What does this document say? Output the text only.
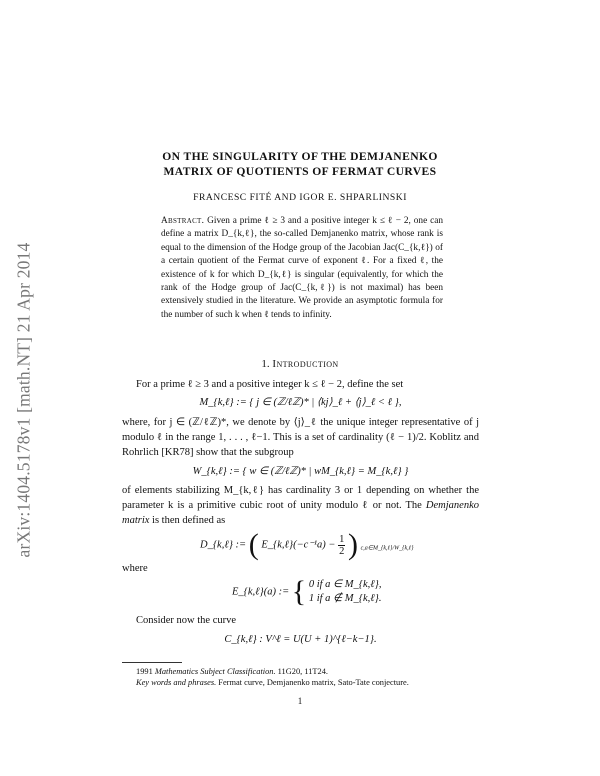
arXiv:1404.5178v1 [math.NT] 21 Apr 2014
ON THE SINGULARITY OF THE DEMJANENKO
MATRIX OF QUOTIENTS OF FERMAT CURVES
FRANCESC FITÉ AND IGOR E. SHPARLINSKI
Abstract. Given a prime ℓ ≥ 3 and a positive integer k ≤ ℓ − 2, one can define a matrix D_{k,ℓ}, the so-called Demjanenko matrix, whose rank is equal to the dimension of the Hodge group of the Jacobian Jac(C_{k,ℓ}) of a certain quotient of the Fermat curve of exponent ℓ. For a fixed ℓ, the existence of k for which D_{k,ℓ} is singular (equivalently, for which the rank of the Hodge group of Jac(C_{k,ℓ}) is not maximal) has been extensively studied in the literature. We provide an asymptotic formula for the number of such k when ℓ tends to infinity.
1. Introduction
For a prime ℓ ≥ 3 and a positive integer k ≤ ℓ − 2, define the set
M_{k,ℓ} := { j ∈ (ℤ/ℓℤ)* | ⟨kj⟩_ℓ + ⟨j⟩_ℓ < ℓ },
where, for j ∈ (ℤ/ℓℤ)*, we denote by ⟨j⟩_ℓ the unique integer representative of j modulo ℓ in the range 1, . . . , ℓ−1. This is a set of cardinality (ℓ − 1)/2. Koblitz and Rohrlich [KR78] show that the subgroup
W_{k,ℓ} := { w ∈ (ℤ/ℓℤ)* | wM_{k,ℓ} = M_{k,ℓ} }
of elements stabilizing M_{k,ℓ} has cardinality 3 or 1 depending on whether the parameter k is a primitive cubic root of unity modulo ℓ or not. The Demjanenko matrix is then defined as
D_{k,ℓ} := ( E_{k,ℓ}(−c⁻¹a) − $\frac{1}{2}$ ) $_{c,a\in M\_\{k,\ell\}/W\_\{k,\ell\}}$
where
E_{k,ℓ}(a) := { 0 if a ∈ M_{k,ℓ},
1 if a ∉ M_{k,ℓ}.
Consider now the curve
C_{k,ℓ} : V^ℓ = U(U + 1)^{ℓ−k−1}.
1991 Mathematics Subject Classification. 11G20, 11T24.
Key words and phrases. Fermat curve, Demjanenko matrix, Sato-Tate conjecture.
1
